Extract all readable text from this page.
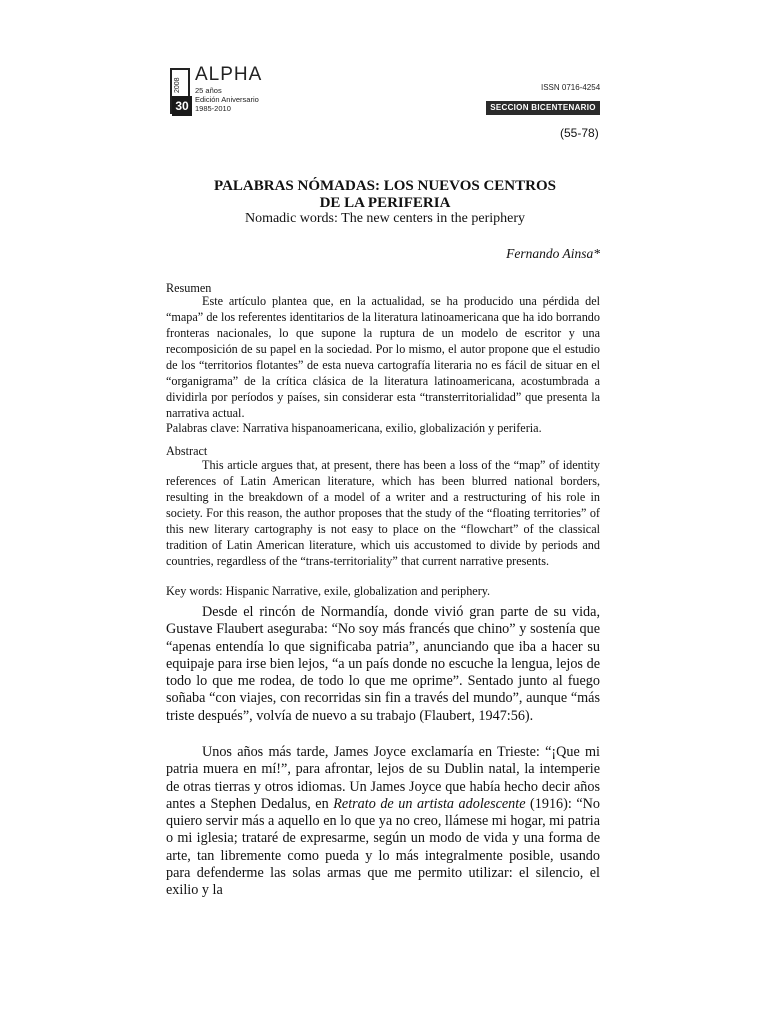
2008
30
ALPHA
25 años
Edición Aniversario
1985-2010
ISSN 0716-4254
SECCION BICENTENARIO
(55-78)
PALABRAS NÓMADAS: LOS NUEVOS CENTROS
DE LA PERIFERIA
Nomadic words: The new centers in the periphery
Fernando Ainsa*
Resumen

Este artículo plantea que, en la actualidad, se ha producido una pérdida del “mapa” de los referentes identitarios de la literatura latinoamericana que ha ido borrando fronteras nacionales, lo que supone la ruptura de un modelo de escritor y una recomposición de su papel en la sociedad. Por lo mismo, el autor propone que el estudio de los “territorios flotantes” de esta nueva cartografía literaria no es fácil de situar en el “organigrama” de la crítica clásica de la literatura latinoamericana, acostumbrada a dividirla por períodos y países, sin considerar esta “transterritorialidad” que presenta la narrativa actual.

Palabras clave: Narrativa hispanoamericana, exilio, globalización y periferia.
Abstract

This article argues that, at present, there has been a loss of the “map” of identity references of Latin American literature, which has been blurred national borders, resulting in the breakdown of a model of a writer and a restructuring of his role in society. For this reason, the author proposes that the study of the “floating territories” of this new literary cartography is not easy to place on the “flowchart” of the classical tradition of Latin American literature, which uis accustomed to divide by periods and countries, regardless of the “trans-territoriality” that current narrative presents.

Key words: Hispanic Narrative, exile, globalization and periphery.

Desde el rincón de Normandía, donde vivió gran parte de su vida, Gustave Flaubert aseguraba: “No soy más francés que chino” y sostenía que “apenas entendía lo que significaba patria”, anunciando que iba a hacer su equipaje para irse bien lejos, “a un país donde no escuche la lengua, lejos de todo lo que me rodea, de todo lo que me oprime”. Sentado junto al fuego soñaba “con viajes, con recorridas sin fin a través del mundo”, aunque “más triste después”, volvía de nuevo a su trabajo (Flaubert, 1947:56).

Unos años más tarde, James Joyce exclamaría en Trieste: “¡Que mi patria muera en mí!”, para afrontar, lejos de su Dublin natal, la intemperie de otras tierras y otros idiomas. Un James Joyce que había hecho decir años antes a Stephen Dedalus, en Retrato de un artista adolescente (1916): “No quiero servir más a aquello en lo que ya no creo, llámese mi hogar, mi patria o mi iglesia; trataré de expresarme, según un modo de vida y una forma de arte, tan libremente como pueda y lo más integralmente posible, usando para defenderme las solas armas que me permito utilizar: el silencio, el exilio y la
